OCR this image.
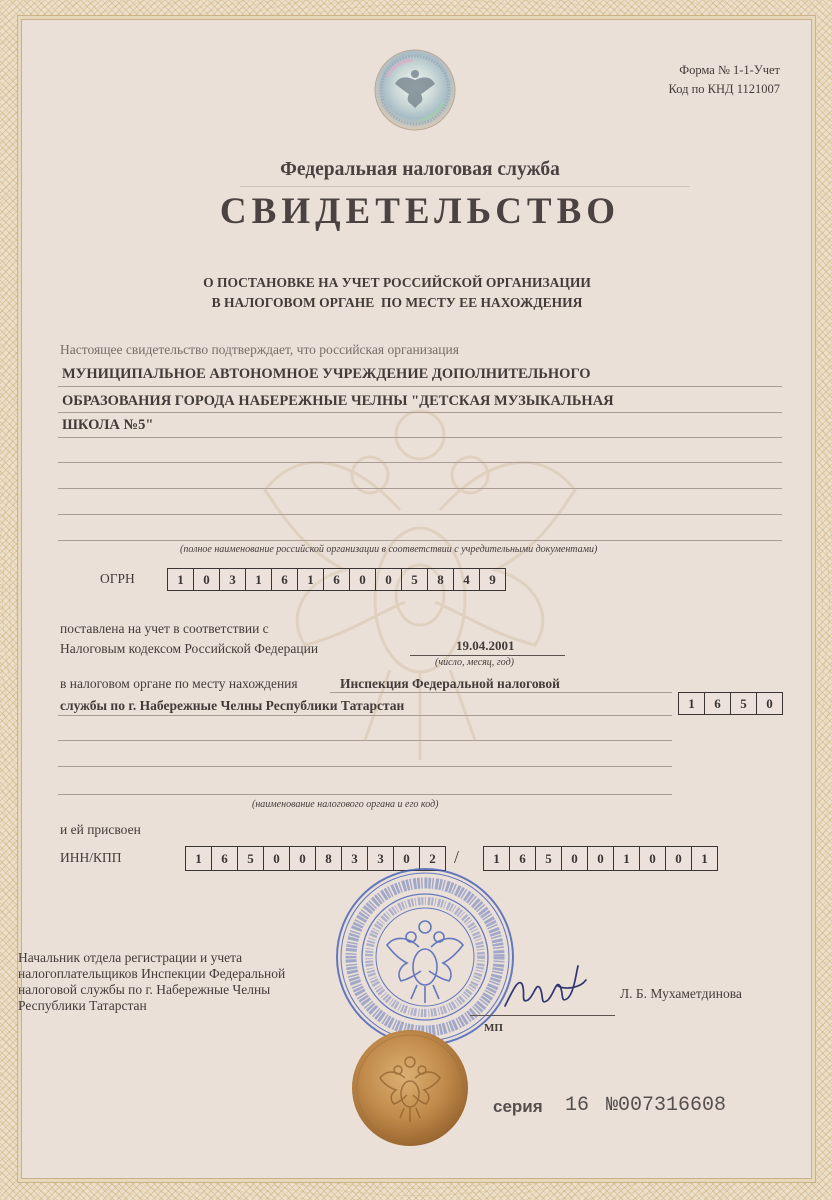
Форма № 1-1-Учет
Код по КНД 1121007
Федеральная налоговая служба
СВИДЕТЕЛЬСТВО
О ПОСТАНОВКЕ НА УЧЕТ РОССИЙСКОЙ ОРГАНИЗАЦИИ
В НАЛОГОВОМ ОРГАНЕ  ПО МЕСТУ ЕЕ НАХОЖДЕНИЯ
Настоящее свидетельство подтверждает, что российская организация
МУНИЦИПАЛЬНОЕ АВТОНОМНОЕ УЧРЕЖДЕНИЕ ДОПОЛНИТЕЛЬНОГО
ОБРАЗОВАНИЯ ГОРОДА НАБЕРЕЖНЫЕ ЧЕЛНЫ "ДЕТСКАЯ МУЗЫКАЛЬНАЯ
ШКОЛА №5"
(полное наименование российской организации в соответствии с учредительными документами)
ОГРН	1	0	3	1	6	1	6	0	0	5	8	4	9
поставлена на учет в соответствии с
Налоговым кодексом Российской Федерации	19.04.2001
(число, месяц, год)
в налоговом органе по месту нахождения	Инспекция Федеральной налоговой
службы по г. Набережные Челны Республики Татарстан	1	6	5	0
(наименование налогового органа и его код)
и ей присвоен
ИНН/КПП	1	6	5	0	0	8	3	3	0	2	/	1	6	5	0	0	1	0	0	1
Начальник отдела регистрации и учета
налогоплательщиков Инспекции Федеральной
налоговой службы по г. Набережные Челны
Республики Татарстан
Л. Б. Мухаметдинова
МП
серия 16 №007316608
